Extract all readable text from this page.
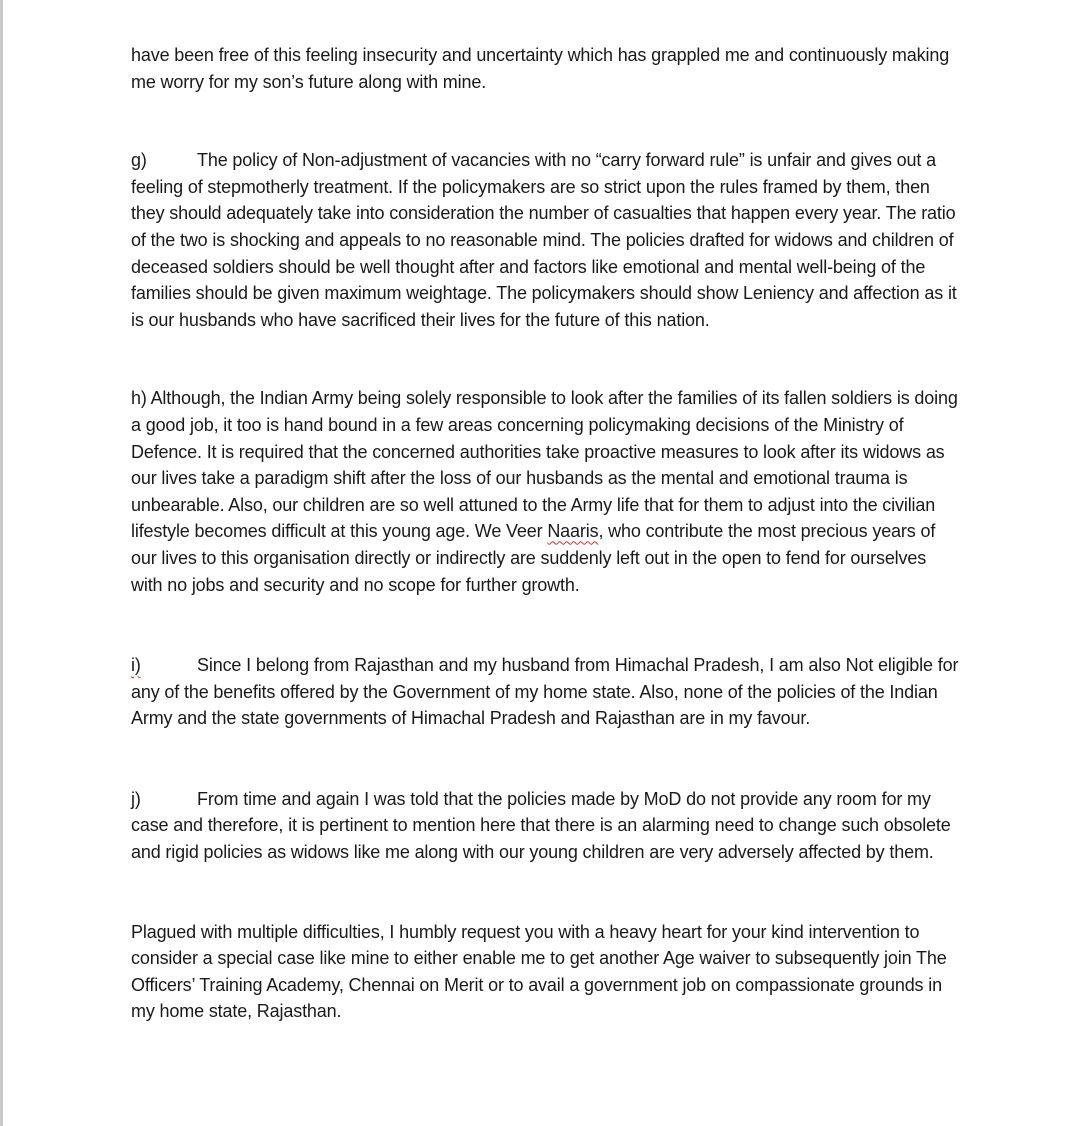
have been free of this feeling insecurity and uncertainty which has grappled me and continuously making me worry for my son’s future along with mine.

g)	The policy of Non-adjustment of vacancies with no “carry forward rule” is unfair and gives out a feeling of stepmotherly treatment. If the policymakers are so strict upon the rules framed by them, then they should adequately take into consideration the number of casualties that happen every year. The ratio of the two is shocking and appeals to no reasonable mind. The policies drafted for widows and children of deceased soldiers should be well thought after and factors like emotional and mental well-being of the families should be given maximum weightage. The policymakers should show Leniency and affection as it is our husbands who have sacrificed their lives for the future of this nation.

h) Although, the Indian Army being solely responsible to look after the families of its fallen soldiers is doing a good job, it too is hand bound in a few areas concerning policymaking decisions of the Ministry of Defence. It is required that the concerned authorities take proactive measures to look after its widows as our lives take a paradigm shift after the loss of our husbands as the mental and emotional trauma is unbearable. Also, our children are so well attuned to the Army life that for them to adjust into the civilian lifestyle becomes difficult at this young age. We Veer Naaris, who contribute the most precious years of our lives to this organisation directly or indirectly are suddenly left out in the open to fend for ourselves with no jobs and security and no scope for further growth.

i)	Since I belong from Rajasthan and my husband from Himachal Pradesh, I am also Not eligible for any of the benefits offered by the Government of my home state. Also, none of the policies of the Indian Army and the state governments of Himachal Pradesh and Rajasthan are in my favour.

j)	From time and again I was told that the policies made by MoD do not provide any room for my case and therefore, it is pertinent to mention here that there is an alarming need to change such obsolete and rigid policies as widows like me along with our young children are very adversely affected by them.

Plagued with multiple difficulties, I humbly request you with a heavy heart for your kind intervention to consider a special case like mine to either enable me to get another Age waiver to subsequently join The Officers’ Training Academy, Chennai on Merit or to avail a government job on compassionate grounds in my home state, Rajasthan.
